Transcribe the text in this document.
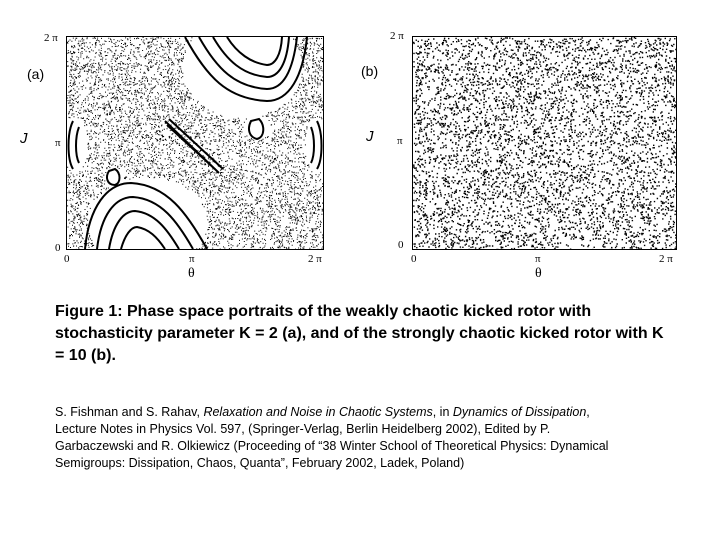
(a)
J
2 π
π
0
0	π	2 π
θ
(b)
J
2 π
π
0
0	π	2 π
θ
Figure 1: Phase space portraits of the weakly chaotic kicked rotor with stochasticity parameter K = 2 (a), and of the strongly chaotic kicked rotor with K = 10 (b).
S. Fishman and S. Rahav, Relaxation and Noise in Chaotic Systems, in Dynamics of Dissipation, Lecture Notes in Physics Vol. 597, (Springer-Verlag, Berlin Heidelberg 2002), Edited by P. Garbaczewski and R. Olkiewicz (Proceeding of “38 Winter School of Theoretical Physics: Dynamical Semigroups: Dissipation, Chaos, Quanta”, February 2002, Ladek, Poland)
